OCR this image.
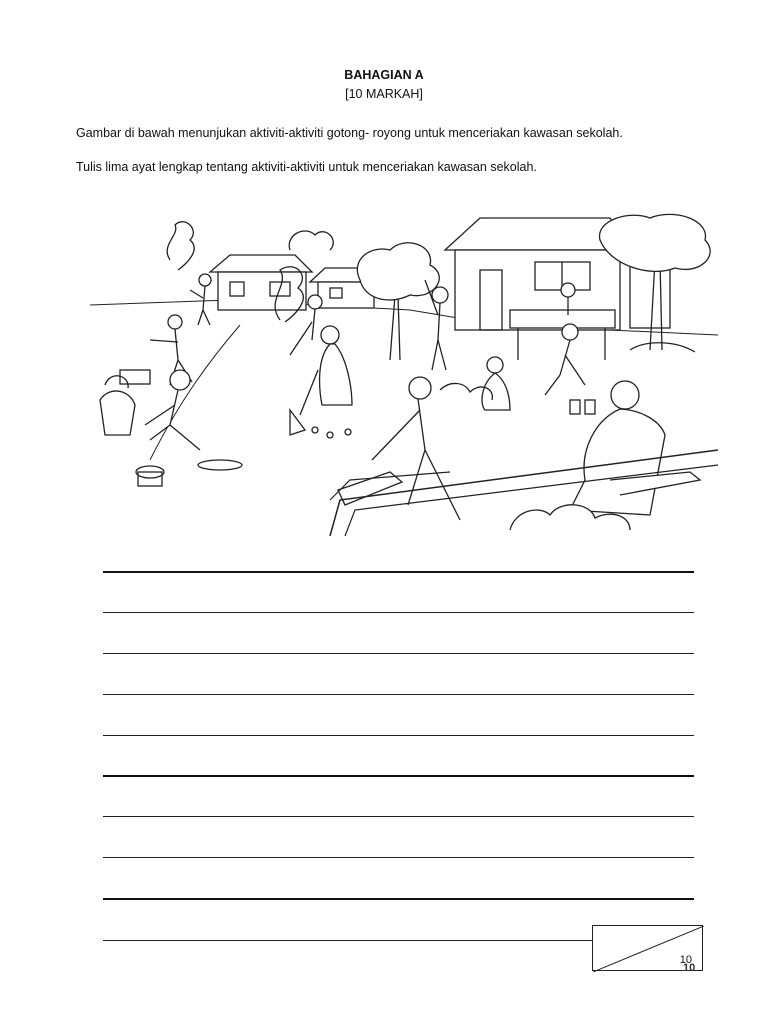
BAHAGIAN A
[10 MARKAH]
Gambar di bawah menunjukan aktiviti-aktiviti gotong- royong untuk menceriakan kawasan sekolah.
Tulis lima ayat lengkap tentang aktiviti-aktiviti untuk menceriakan kawasan sekolah.
10
10
